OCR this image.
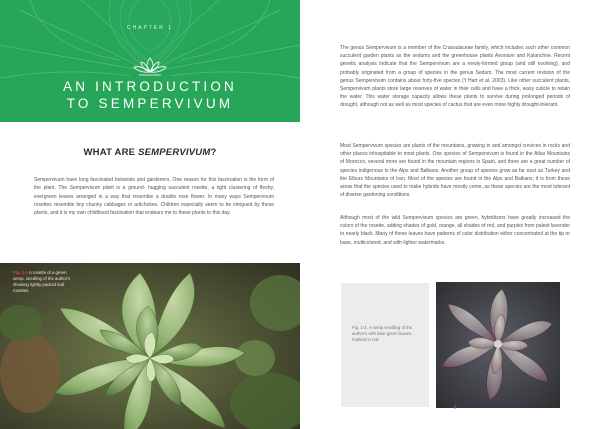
CHAPTER 1
AN INTRODUCTION
TO SEMPERVIVUM
WHAT ARE SEMPERVIVUM?
Sempervivum have long fascinated botanists and gardeners. One reason for this fascination is the form of the plant. The Sempervivum plant is a ground- hugging succulent rosette, a tight clustering of fleshy, evergreen leaves arranged in a way that resemble a double rose flower. In many ways Sempervivum rosettes resemble tiny chunky cabbages or artichokes. Children especially seem to be intrigued by these plants, and it is my own childhood fascination that endears me to these plants to this day.
Fig. 1-1 A rosette of a green semp. seedling of the author's showing tightly packed leaf rosettes.
The genus Sempervivum is a member of the Crassulaceae family, which includes such other common succulent garden plants as the sedums and the greenhouse plants Aeonium and Kalanchoe. Recent genetic analysis indicate that the Sempervivum are a newly-formed group (and still evolving), and probably originated from a group of species in the genus Sedum. The most current revision of the genus Sempervivum contains about forty-five species ('t Hart et al. 2003). Like other succulent plants, Sempervivum plants store large reserves of water in their cells and have a thick, waxy cuticle to retain the water. This water storage capacity allows these plants to survive during prolonged periods of drought, although not as well as most species of cactus that are even more highly drought-tolerant.
Most Sempervivum species are plants of the mountains, growing in and amongst crevices in rocks and other places inhospitable to most plants. One species of Sempervivum is found in the Atlas Mountains of Morocco, several more are found in the mountain regions in Spain, and there are a great number of species indigenous in the Alps and Balkans. Another group of species grow as far east as Turkey and the Elburz Mountains of Iran. Most of the species are found in the Alps and Balkans; it is from these areas that the species used to make hybrids have mostly come, as these species are the most tolerant of diverse gardening conditions.
Although most of the wild Sempervivum species are green, hybridizers have greatly increased the colors of the rosette, adding shades of gold, orange, all shades of red, and purples from palest lavender to nearly black. Many of these leaves have patterns of color distribution either concentrated at the tip or base, multicolored, and with lighter watermarks.
Fig. 1-2. A semp seedling of the author's with blue-green leaves marked in red.
9
